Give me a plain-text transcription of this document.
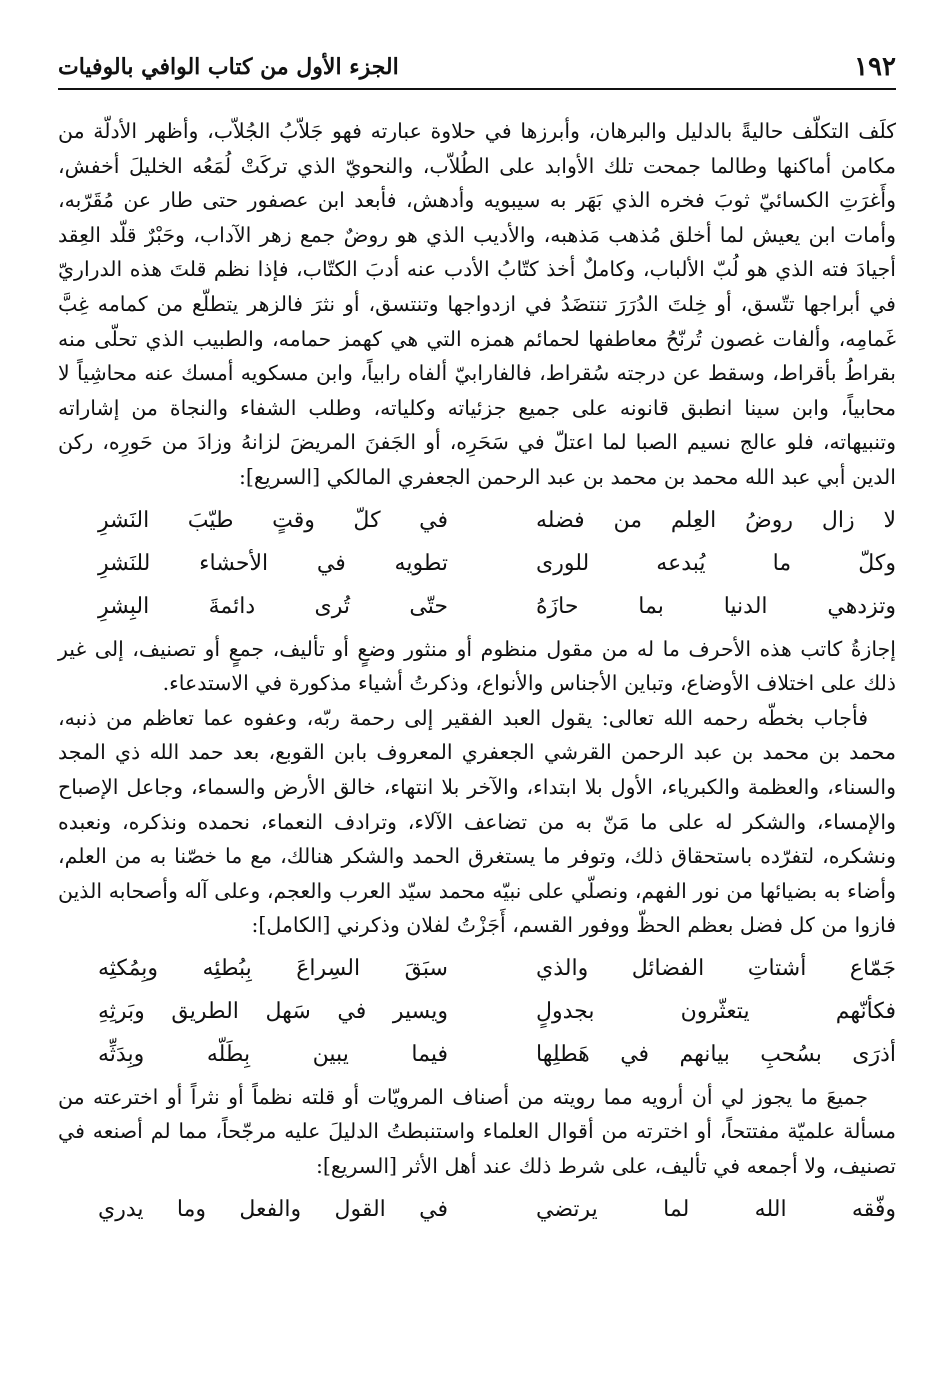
١٩٢
الجزء الأول من كتاب الوافي بالوفيات

كلَف التكلّف حاليةً بالدليل والبرهان، وأبرزها في حلاوة عبارته فهو جَلاّبُ الجُلاّب، وأظهر الأدلّة من مكامن أماكنها وطالما جمحت تلك الأوابد على الطُلاّب، والنحويّ الذي تركَتْ لُمَعُه الخليلَ أخفش، وأَغرَتِ الكسائيّ ثوبَ فخره الذي بَهَر به سيبويه وأدهش، فأبعد ابن عصفور حتى طار عن مُقَرّبه، وأمات ابن يعيش لما أخلق مُذهب مَذهبه، والأديب الذي هو روضٌ جمع زهر الآداب، وحَبْرٌ قلّد العِقد أجيادَ فته الذي هو لُبّ الألباب، وكاملٌ أخذ كتّابُ الأدب عنه أدبَ الكتّاب، فإذا نظم قلتَ هذه الدراريّ في أبراجها تتّسق، أو خِلتَ الدُرَرَ تنتضَدُ في ازدواجها وتنتسق، أو نثرَ فالزهر يتطلّع من كمامه غِبَّ غَمامِه، وألفات غصون تُرنّحُ معاطفها لحمائم همزه التي هي كهمز حمامه، والطبيب الذي تحلّى منه بقراطُ بأقراط، وسقط عن درجته سُقراط، فالفارابيّ ألفاه رابياً، وابن مسكويه أمسك عنه محاشِياً لا محابياً، وابن سينا انطبق قانونه على جميع جزئياته وكلياته، وطلب الشفاء والنجاة من إشاراته وتنبيهاته، فلو عالج نسيم الصبا لما اعتلّ في سَحَرِه، أو الجَفنَ المريضَ لزانهُ وزادَ من حَورِه، ركن الدين أبي عبد الله محمد بن محمد بن عبد الرحمن الجعفري المالكي [السريع]:

لا زال روضُ العِلم من فضله
في كلّ وقتٍ طيّبَ النَشرِ
وكلّ ما يُبدعه للورى
تطويه في الأحشاء للنَشرِ
وتزدهي الدنيا بما حازَهُ
حتّى تُرى دائمةَ البِشرِ

إجازةُ كاتب هذه الأحرف ما له من مقول منظوم أو منثور وضعٍ أو تأليف، جمعٍ أو تصنيف، إلى غير ذلك على اختلاف الأوضاع، وتباين الأجناس والأنواع، وذكرتُ أشياء مذكورة في الاستدعاء.

فأجاب بخطّه رحمه الله تعالى: يقول العبد الفقير إلى رحمة ربّه، وعفوه عما تعاظم من ذنبه، محمد بن محمد بن عبد الرحمن القرشي الجعفري المعروف بابن القوبع، بعد حمد الله ذي المجد والسناء، والعظمة والكبرياء، الأول بلا ابتداء، والآخر بلا انتهاء، خالق الأرض والسماء، وجاعل الإصباح والإمساء، والشكر له على ما مَنّ به من تضاعف الآلاء، وترادف النعماء، نحمده ونذكره، ونعبده ونشكره، لتفرّده باستحقاق ذلك، وتوفر ما يستغرق الحمد والشكر هنالك، مع ما خصّنا به من العلم، وأضاء به بضيائها من نور الفهم، ونصلّي على نبيّه محمد سيّد العرب والعجم، وعلى آله وأصحابه الذين فازوا من كل فضل بعظم الحظّ ووفور القسم، أَجَزْتُ لفلان وذكرني [الكامل]:

جَمّاع أشتاتِ الفضائل والذي
سبَقَ السِراعَ بِبُطئِه وبِمُكثِه
فكأنّهم يتعثّرون بجدولٍ
ويسير في سَهل الطريق وبَرثِهِ
أذرَى بسُحبِ بيانهم في هَطلِها
فيما يبين بِطَلّه وبِدَثِّه

جميعَ ما يجوز لي أن أرويه مما رويته من أصناف المرويّات أو قلته نظماً أو نثراً أو اخترعته من مسألة علميّة مفتتحاً، أو اخترته من أقوال العلماء واستنبطتُ الدليلَ عليه مرجّحاً، مما لم أصنعه في تصنيف، ولا أجمعه في تأليف، على شرط ذلك عند أهل الأثر [السريع]:

وفّقه الله لما يرتضي
في القول والفعل وما يدري
